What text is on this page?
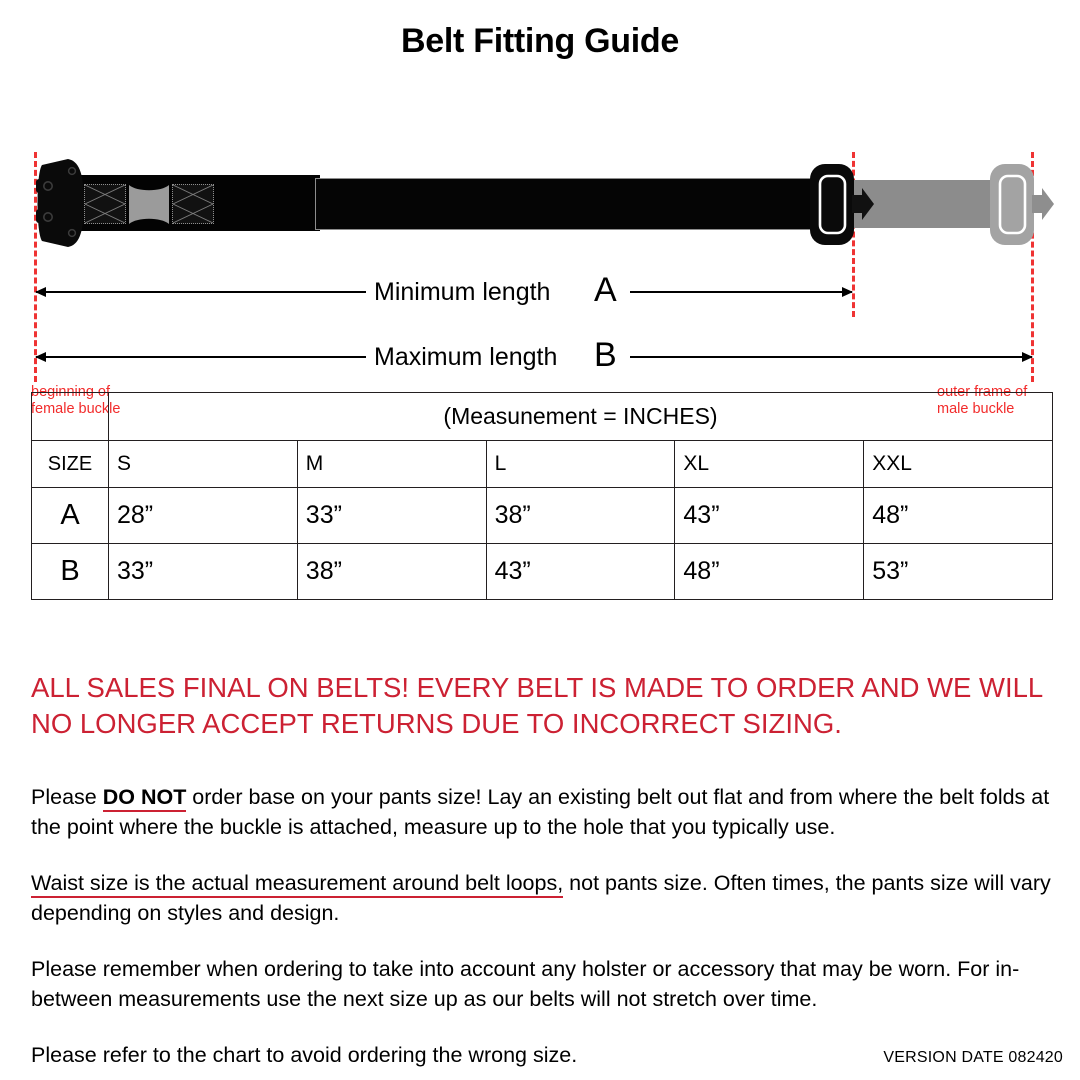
Belt Fitting Guide
Minimum length A
Maximum length B
beginning of
female buckle
outer frame of
male buckle
	(Measunement = INCHES)				
SIZE	S	M	L	XL	XXL
A	28”	33”	38”	43”	48”
B	33”	38”	43”	48”	53”
ALL SALES FINAL ON BELTS! EVERY BELT IS MADE TO ORDER AND WE WILL NO LONGER ACCEPT RETURNS DUE TO INCORRECT SIZING.
Please DO NOT order base on your pants size! Lay an existing belt out flat and from where the belt folds at the point where the buckle is attached, measure up to the hole that you typically use.
Waist size is the actual measurement around belt loops, not pants size. Often times, the pants size will vary depending on styles and design.
Please remember when ordering to take into account any holster or accessory that may be worn. For in-between measurements use the next size up as our belts will not stretch over time.
Please refer to the chart to avoid ordering the wrong size.	VERSION DATE 082420
